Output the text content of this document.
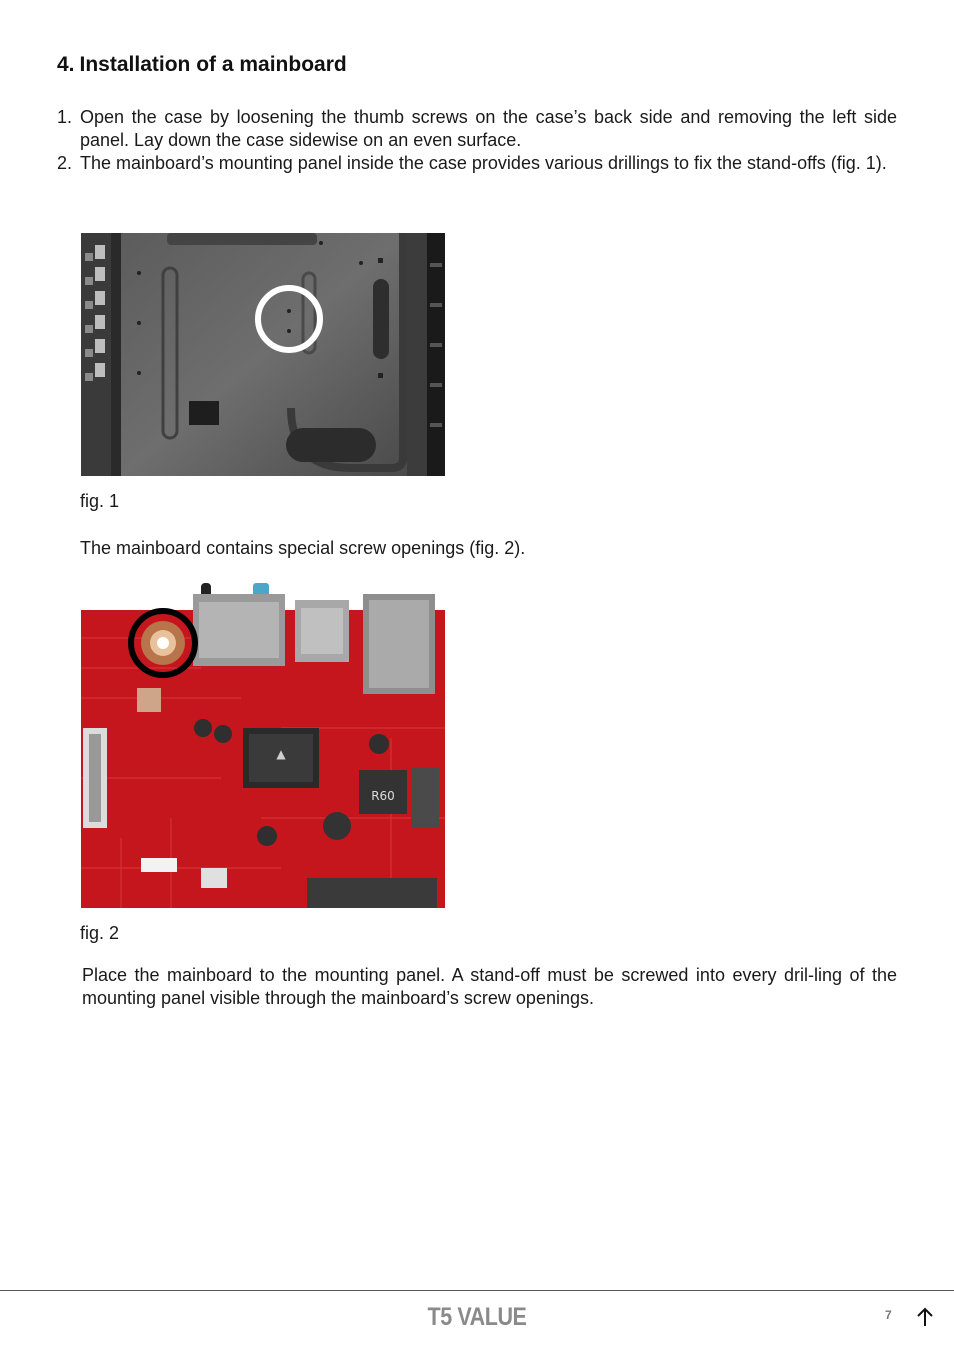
4. Installation of a mainboard
1. Open the case by loosening the thumb screws on the case’s back side and removing the left side panel. Lay down the case sidewise on an even surface.
2. The mainboard’s mounting panel inside the case provides various drillings to fix the stand-offs (fig. 1).
fig. 1
The mainboard contains special screw openings (fig. 2).
▲
R60
fig. 2
Place the mainboard to the mounting panel. A stand-off must be screwed into every dril-ling of the mounting panel visible through the mainboard’s screw openings.
T5 VALUE	7
